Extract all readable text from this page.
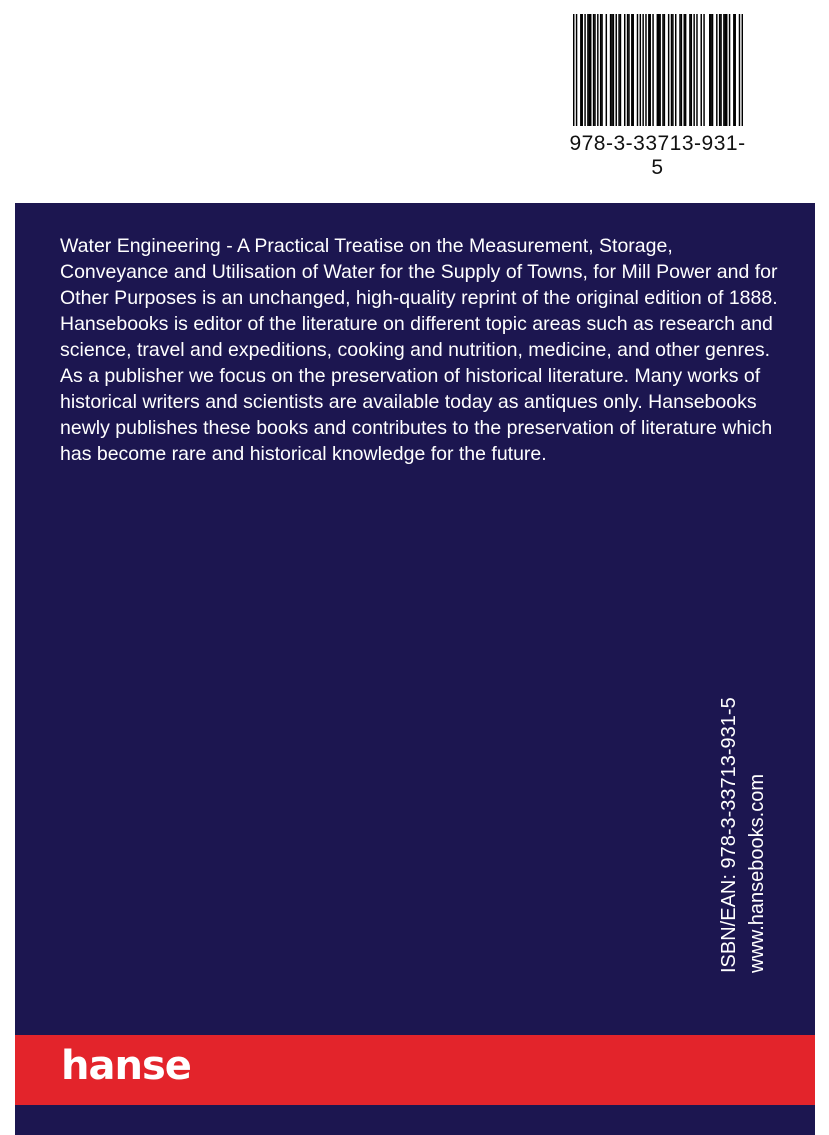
978-3-33713-931-5

Water Engineering - A Practical Treatise on the Measurement, Storage, Conveyance and Utilisation of Water for the Supply of Towns, for Mill Power and for Other Purposes is an unchanged, high-quality reprint of the original edition of 1888.

Hansebooks is editor of the literature on different topic areas such as research and science, travel and expeditions, cooking and nutrition, medicine, and other genres. As a publisher we focus on the preservation of historical literature. Many works of historical writers and scientists are available today as antiques only. Hansebooks newly publishes these books and contributes to the preservation of literature which has become rare and historical knowledge for the future.

ISBN/EAN: 978-3-33713-931-5 www.hansebooks.com
hanse
